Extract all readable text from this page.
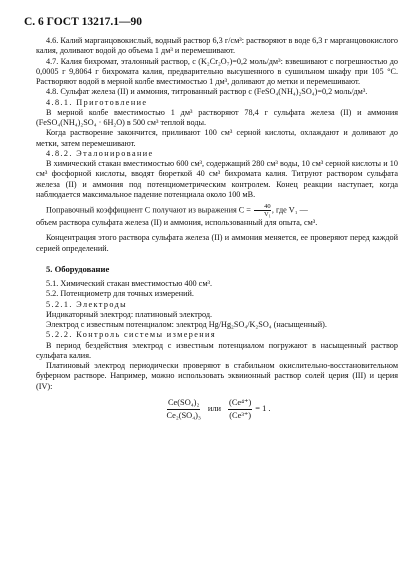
С. 6 ГОСТ 13217.1—90

4.6. Калий марганцовокислый, водный раствор 6,3 г/см³: растворяют в воде 6,3 г марганцовокислого калия, доливают водой до объема 1 дм³ и перемешивают.

4.7. Калия бихромат, эталонный раствор, c (K₂Cr₂O₇)=0,2 моль/дм³: взвешивают с погрешностью до 0,0005 г 9,8064 г бихромата калия, предварительно высушенного в сушильном шкафу при 105 °С. Растворяют водой в мерной колбе вместимостью 1 дм³, доливают до метки и перемешивают.

4.8. Сульфат железа (II) и аммония, титрованный раствор c (FeSO₄(NH₄)₂SO₄)=0,2 моль/дм³.

4.8.1. Приготовление

В мерной колбе вместимостью 1 дм³ растворяют 78,4 г сульфата железа (II) и аммония (FeSO₄(NH₄)₂SO₄ · 6H₂O) в 500 см³ теплой воды.

Когда растворение закончится, приливают 100 см³ серной кислоты, охлаждают и доливают до метки, затем перемешивают.

4.8.2. Эталонирование

В химический стакан вместимостью 600 см³, содержащий 280 см³ воды, 10 см³ серной кислоты и 10 см³ фосфорной кислоты, вводят бюреткой 40 см³ бихромата калия. Титруют раствором сульфата железа (II) и аммония под потенциометрическим контролем. Конец реакции наступает, когда наблюдается максимальное падение потенциала около 100 мВ.

Поправочный коэффициент C получают из выражения $C = \frac{40}{\text{V₁}}$ , где V₁ —

объем раствора сульфата железа (II) и аммония, использованный для опыта, см³.

Концентрация этого раствора сульфата железа (II) и аммония меняется, ее проверяют перед каждой серией определений.

5. Оборудование

5.1. Химический стакан вместимостью 400 см³.

5.2. Потенциометр для точных измерений.

5.2.1. Электроды

Индикаторный электрод: платиновый электрод.

Электрод с известным потенциалом: электрод Hg/Hg₂SO₄/K₂SO₄ (насыщенный).

5.2.2. Контроль системы измерения

В период бездействия электрод с известным потенциалом погружают в насыщенный раствор сульфата калия.

Платиновый электрод периодически проверяют в стабильном окислительно-восстановительном буферном растворе. Например, можно использовать эквиионный раствор солей церия (III) и церия (IV):

$\frac{\text{Ce(SO₄)₂}}{\text{Ce₂(SO₄)₃}}$ или $\frac{\text{(Ce⁴⁺)}}{\text{(Ce³⁺)}} = 1$ .
